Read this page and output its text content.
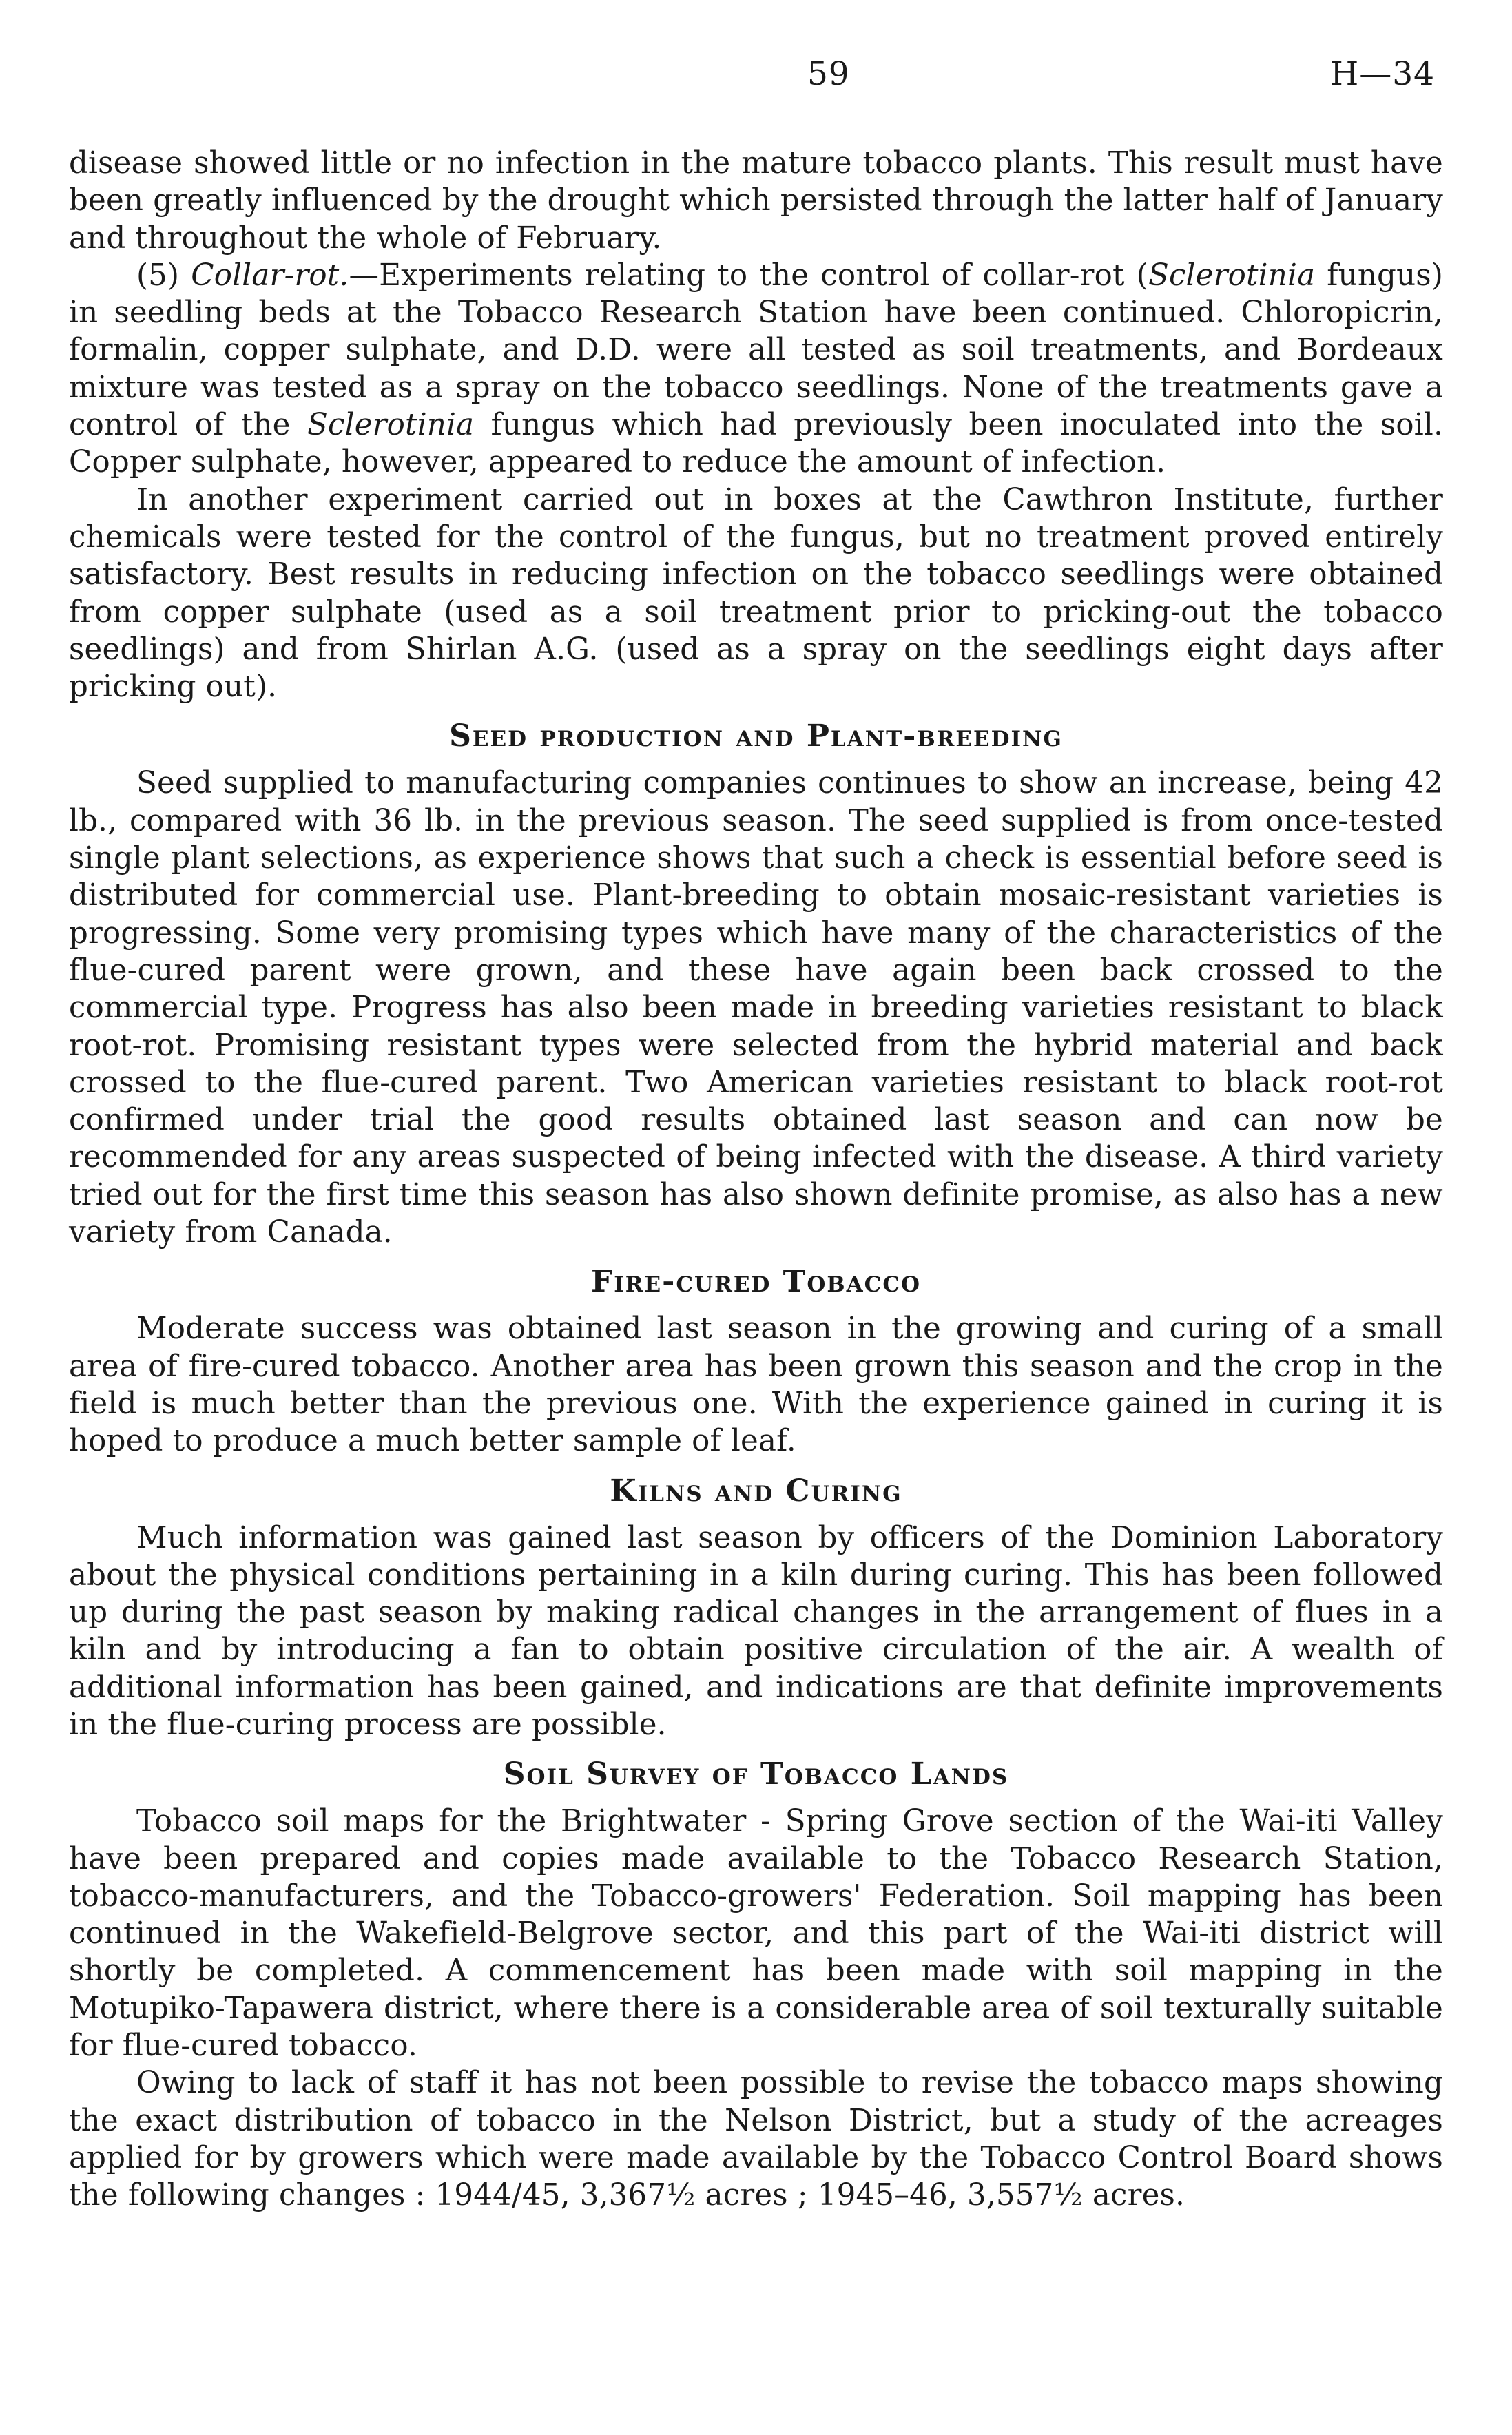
59	H—34

disease showed little or no infection in the mature tobacco plants. This result must have been greatly influenced by the drought which persisted through the latter half of January and throughout the whole of February.

(5) Collar-rot.—Experiments relating to the control of collar-rot (Sclerotinia fungus) in seedling beds at the Tobacco Research Station have been continued. Chloropicrin, formalin, copper sulphate, and D.D. were all tested as soil treatments, and Bordeaux mixture was tested as a spray on the tobacco seedlings. None of the treatments gave a control of the Sclerotinia fungus which had previously been inoculated into the soil. Copper sulphate, however, appeared to reduce the amount of infection.

In another experiment carried out in boxes at the Cawthron Institute, further chemicals were tested for the control of the fungus, but no treatment proved entirely satisfactory. Best results in reducing infection on the tobacco seedlings were obtained from copper sulphate (used as a soil treatment prior to pricking-out the tobacco seedlings) and from Shirlan A.G. (used as a spray on the seedlings eight days after pricking out).

Seed production and Plant-breeding

Seed supplied to manufacturing companies continues to show an increase, being 42 lb., compared with 36 lb. in the previous season. The seed supplied is from once-tested single plant selections, as experience shows that such a check is essential before seed is distributed for commercial use. Plant-breeding to obtain mosaic-resistant varieties is progressing. Some very promising types which have many of the characteristics of the flue-cured parent were grown, and these have again been back crossed to the commercial type. Progress has also been made in breeding varieties resistant to black root-rot. Promising resistant types were selected from the hybrid material and back crossed to the flue-cured parent. Two American varieties resistant to black root-rot confirmed under trial the good results obtained last season and can now be recommended for any areas suspected of being infected with the disease. A third variety tried out for the first time this season has also shown definite promise, as also has a new variety from Canada.

Fire-cured Tobacco

Moderate success was obtained last season in the growing and curing of a small area of fire-cured tobacco. Another area has been grown this season and the crop in the field is much better than the previous one. With the experience gained in curing it is hoped to produce a much better sample of leaf.

Kilns and Curing

Much information was gained last season by officers of the Dominion Laboratory about the physical conditions pertaining in a kiln during curing. This has been followed up during the past season by making radical changes in the arrangement of flues in a kiln and by introducing a fan to obtain positive circulation of the air. A wealth of additional information has been gained, and indications are that definite improvements in the flue-curing process are possible.

Soil Survey of Tobacco Lands

Tobacco soil maps for the Brightwater - Spring Grove section of the Wai-iti Valley have been prepared and copies made available to the Tobacco Research Station, tobacco-manufacturers, and the Tobacco-growers' Federation. Soil mapping has been continued in the Wakefield-Belgrove sector, and this part of the Wai-iti district will shortly be completed. A commencement has been made with soil mapping in the Motupiko-Tapawera district, where there is a considerable area of soil texturally suitable for flue-cured tobacco.

Owing to lack of staff it has not been possible to revise the tobacco maps showing the exact distribution of tobacco in the Nelson District, but a study of the acreages applied for by growers which were made available by the Tobacco Control Board shows the following changes : 1944/45, 3,367½ acres ; 1945–46, 3,557½ acres.
